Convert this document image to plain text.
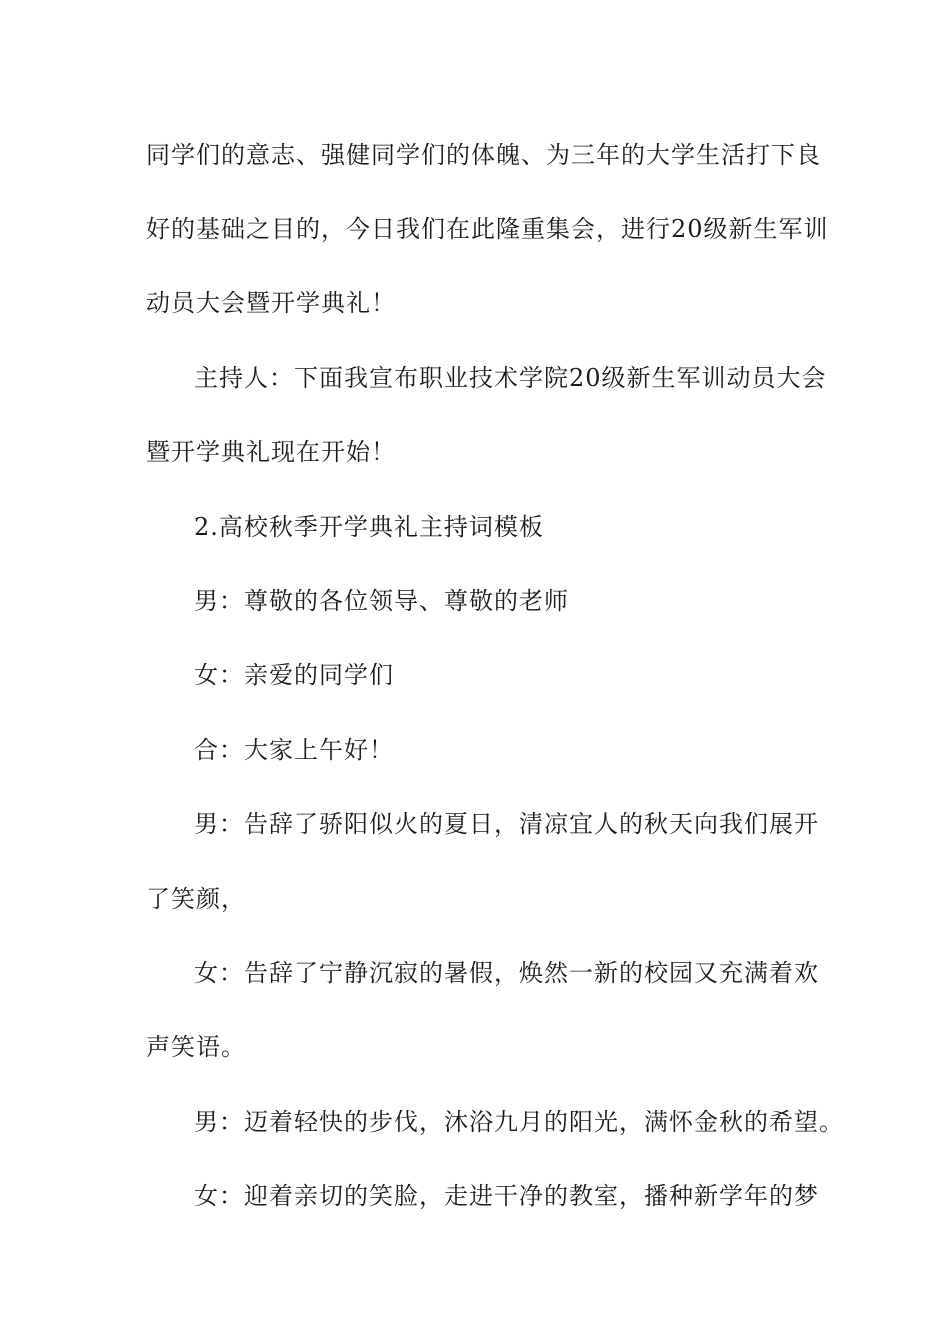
同学们的意志、强健同学们的体魄、为三年的大学生活打下良
好的基础之目的，今日我们在此隆重集会，进行20级新生军训
动员大会暨开学典礼！
主持人：下面我宣布职业技术学院20级新生军训动员大会
暨开学典礼现在开始！
2.高校秋季开学典礼主持词模板
男：尊敬的各位领导、尊敬的老师
女：亲爱的同学们
合：大家上午好！
男：告辞了骄阳似火的夏日，清凉宜人的秋天向我们展开
了笑颜，
女：告辞了宁静沉寂的暑假，焕然一新的校园又充满着欢
声笑语。
男：迈着轻快的步伐，沐浴九月的阳光，满怀金秋的希望。
女：迎着亲切的笑脸，走进干净的教室，播种新学年的梦
